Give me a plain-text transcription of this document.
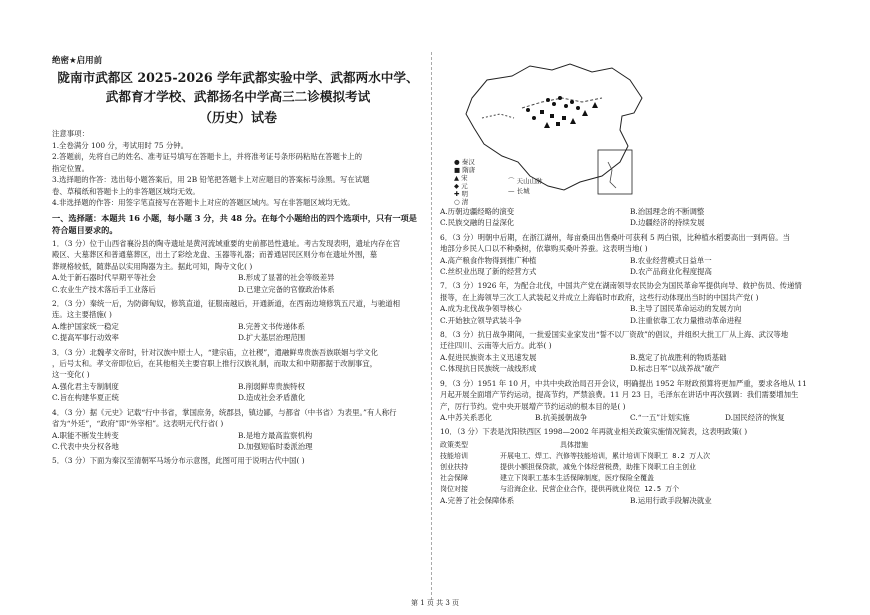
绝密★启用前
陇南市武都区 2025-2026 学年武都实验中学、武都两水中学、
武都育才学校、武都扬名中学高三二诊模拟考试
（历史）试卷
注意事项：
1.全卷满分 100 分，考试用时 75 分钟。
2.答题前，先将自己的姓名、准考证号填写在答题卡上，并将准考证号条形码粘贴在答题卡上的
指定位置。
3.选择题的作答：选出每小题答案后，用 2B 铅笔把答题卡上对应题目的答案标号涂黑。写在试题
卷、草稿纸和答题卡上的非答题区域均无效。
4.非选择题的作答：用签字笔直接写在答题卡上对应的答题区域内。写在非答题区域均无效。
一、选择题：本题共 16 小题，每小题 3 分，共 48 分。在每个小题给出的四个选项中，只有一项是符合题目要求的。
1．（3 分）位于山西省襄汾县的陶寺遗址是黄河流域重要的史前都邑性遗址。考古发现表明，遗址内存在宫
殿区、大墓葬区和普通墓葬区，出土了彩绘龙盘、玉器等礼器；而普通居民区则分布在遗址外围，墓
葬规格较低，随葬品以实用陶器为主。据此可知，陶寺文化( )
A.处于新石器时代早期平等社会	B.形成了显著的社会等级差异
C.农业生产技术落后手工业落后	D.已建立完备的官僚政治体系
2．（3 分）秦统一后，为防御匈奴，修筑直道，征服南越后，开通新道，在西南边境修筑五尺道，与驰道相
连。这主要措施( )
A.维护国家统一稳定	B.完善文书传递体系
C.提高军事行动效率	D.扩大基层治理范围
3．（3 分）北魏孝文帝时，针对汉族中原士人，“建宗庙，立社稷”，遣融鲜卑贵族吾族联姻与学文化
，后号太和。孝文帝即位后，在其他相关主要官职上推行汉族礼制，而取太和中期都据于改制事宜，
这一变化( )
A.强化君主专制制度	B.削弱鲜卑贵族特权
C.旨在构建华夏正统	D.造成社会矛盾激化
4．（3 分）据《元史》记载“行中书省，掌国庶务，统郡县，镇边鄙，与都省（中书省）为表里。”有人称行
省为“外廷”，“政府”即“外宰相”。这表明元代行省( )
A.职能不断发生转变	B.是地方最高监察机构
C.代表中央分权各地	D.加强短临时委派治理
5．（3 分）下面为秦汉至清朝军马场分布示意图，此图可用于说明古代中国( )
● 秦汉
■ 隋唐
▲ 宋
◆ 元
✚ 明
○ 清
⌒ 天山山脉
— 长城
A.历朝边疆经略的演变	B.治国理念的不断调整
C.民族交融的日益深化	D.边疆经济的持续发展
6．（3 分）明朝中后期，在浙江湖州，每亩桑田出售桑叶可获利 5 两白银，比种植水稻要高出一到两倍。当
地部分乡民人口以不种桑树，依靠购买桑叶养蚕。这表明当地( )
A.高产粮食作物得到推广种植	B.农业经营模式日益单一
C.丝织业出现了新的经营方式	D.农产品商业化程度提高
7．（3 分）1926 年，为配合北伐，中国共产党在湖南领导农民协会为国民革命军提供向导、救护伤员、传递情
报等，在上海领导三次工人武装起义并成立上海临时市政府，这些行动体现出当时的中国共产党( )
A.成为北伐战争领导核心	B.主导了国民革命运动的发展方向
C.开始独立领导武装斗争	D.注重依靠工农力量推动革命进程
8．（3 分）抗日战争期间，一批爱国实业家发出“誓不以厂资敌”的倡议，并组织大批工厂从上海、武汉等地
迁往四川、云南等大后方。此举( )
A.促进民族资本主义迅速发展	B.奠定了抗战胜利的物质基础
C.体现抗日民族统一战线形成	D.标志日军“以战养战”破产
9．（3 分）1951 年 10 月，中共中央政治局召开会议，明确提出 1952 年财政预算将更加严重，要求各地从 11
月起开展全面增产节约运动，提高节约，严禁浪费。11 月 23 日，毛泽东在讲话中再次强调：我们需要增加生
产，厉行节约。党中央开展增产节约运动的根本目的是( )
A.中苏关系恶化	B.抗美援朝战争	C.“一五”计划实施	D.国民经济的恢复
10．（3 分）下表是沈阳铁西区 1998—2002 年再就业相关政策实施情况简表，这表明政策( )
政策类型	具体措施
技能培训	开展电工、焊工、汽修等技能培训，累计培训下岗职工 8.2 万人次
创业扶持	提供小额担保贷款，减免个体经营税费，助推下岗职工自主创业
社会保障	建立下岗职工基本生活保障制度，医疗保险全覆盖
岗位对接	与沿海企业、民营企业合作，提供再就业岗位 12.5 万个
A.完善了社会保障体系	B.运用行政手段解决就业
第 1 页 共 3 页
